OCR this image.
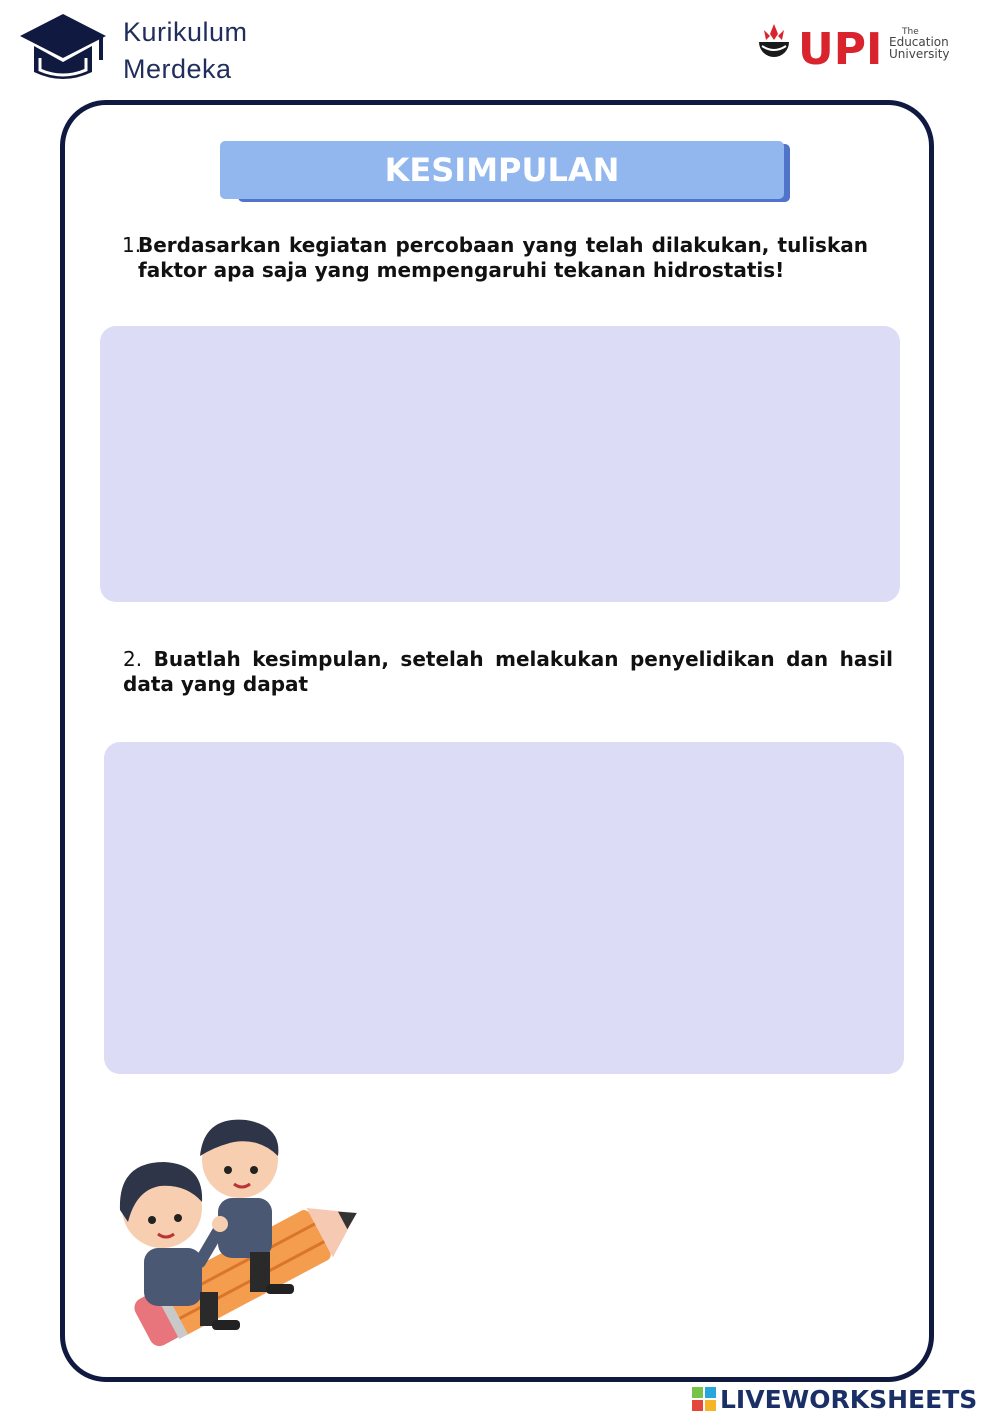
Kurikulum
Merdeka	UPI The
Education
University
KESIMPULAN
1.
Berdasarkan kegiatan percobaan yang telah dilakukan, tuliskan faktor apa saja yang mempengaruhi tekanan hidrostatis!
2. Buatlah kesimpulan, setelah melakukan penyelidikan dan hasil data yang dapat
LIVEWORKSHEETS
